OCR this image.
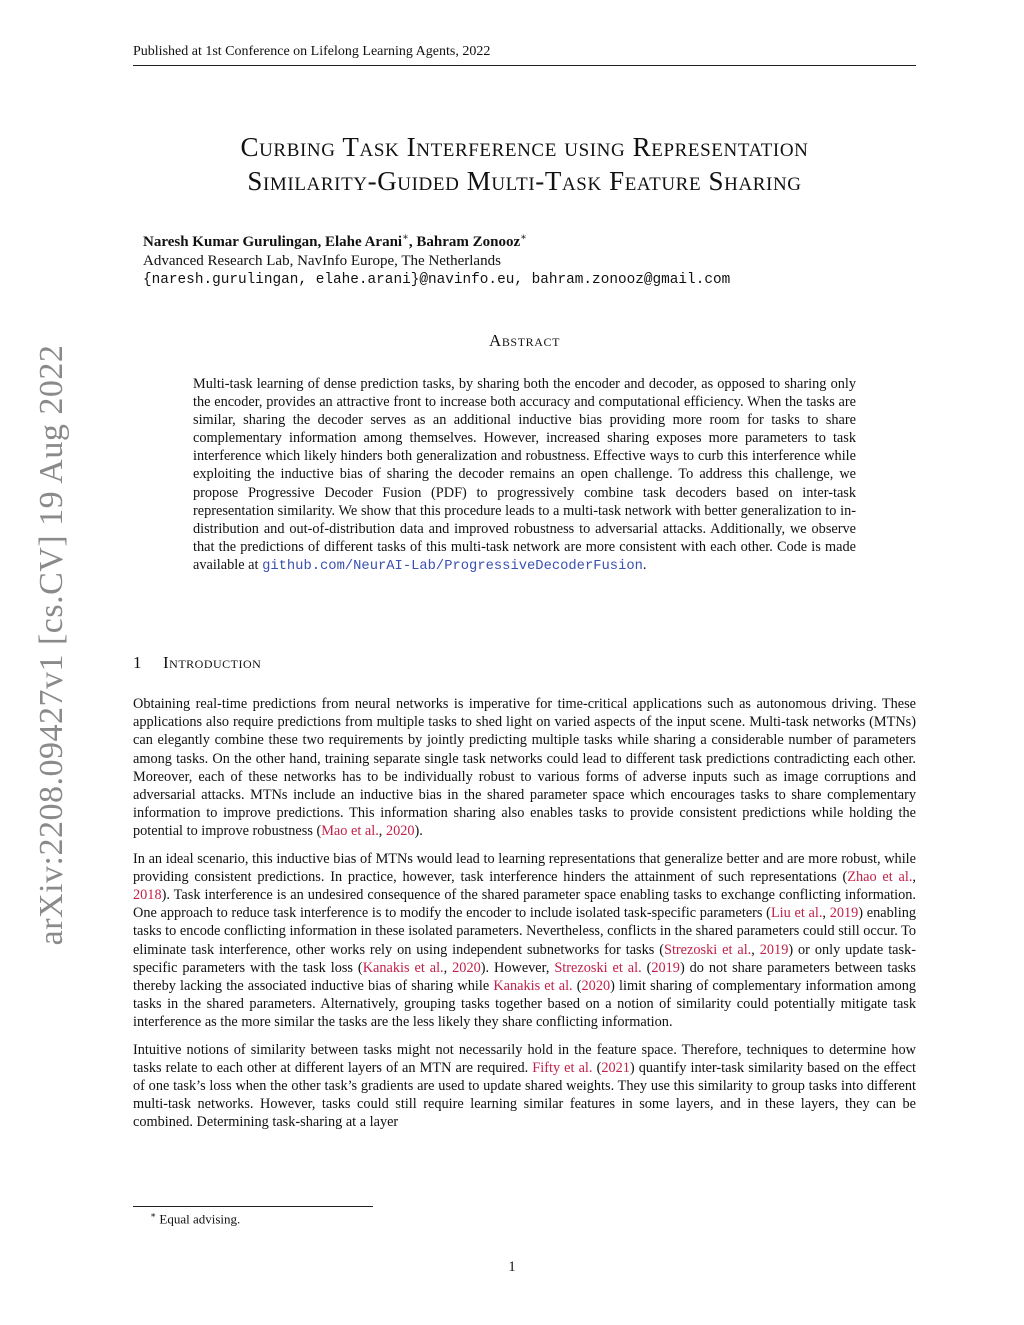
Published at 1st Conference on Lifelong Learning Agents, 2022
arXiv:2208.09427v1 [cs.CV] 19 Aug 2022
Curbing Task Interference using Representation
Similarity-Guided Multi-Task Feature Sharing
Naresh Kumar Gurulingan, Elahe Arani∗, Bahram Zonooz∗
Advanced Research Lab, NavInfo Europe, The Netherlands
{naresh.gurulingan, elahe.arani}@navinfo.eu, bahram.zonooz@gmail.com
Abstract
Multi-task learning of dense prediction tasks, by sharing both the encoder and decoder, as opposed to sharing only the encoder, provides an attractive front to increase both accuracy and computational efficiency. When the tasks are similar, sharing the decoder serves as an additional inductive bias providing more room for tasks to share complementary information among themselves. However, increased sharing exposes more parameters to task interference which likely hinders both generalization and robustness. Effective ways to curb this interference while exploiting the inductive bias of sharing the decoder remains an open challenge. To address this challenge, we propose Progressive Decoder Fusion (PDF) to progressively combine task decoders based on inter-task representation similarity. We show that this procedure leads to a multi-task network with better generalization to in-distribution and out-of-distribution data and improved robustness to adversarial attacks. Additionally, we observe that the predictions of different tasks of this multi-task network are more consistent with each other. Code is made available at github.com/NeurAI-Lab/ProgressiveDecoderFusion.
1 Introduction

Obtaining real-time predictions from neural networks is imperative for time-critical applications such as autonomous driving. These applications also require predictions from multiple tasks to shed light on varied aspects of the input scene. Multi-task networks (MTNs) can elegantly combine these two requirements by jointly predicting multiple tasks while sharing a considerable number of parameters among tasks. On the other hand, training separate single task networks could lead to different task predictions contradicting each other. Moreover, each of these networks has to be individually robust to various forms of adverse inputs such as image corruptions and adversarial attacks. MTNs include an inductive bias in the shared parameter space which encourages tasks to share complementary information to improve predictions. This information sharing also enables tasks to provide consistent predictions while holding the potential to improve robustness (Mao et al., 2020).

In an ideal scenario, this inductive bias of MTNs would lead to learning representations that generalize better and are more robust, while providing consistent predictions. In practice, however, task interference hinders the attainment of such representations (Zhao et al., 2018). Task interference is an undesired consequence of the shared parameter space enabling tasks to exchange conflicting information. One approach to reduce task interference is to modify the encoder to include isolated task-specific parameters (Liu et al., 2019) enabling tasks to encode conflicting information in these isolated parameters. Nevertheless, conflicts in the shared parameters could still occur. To eliminate task interference, other works rely on using independent subnetworks for tasks (Strezoski et al., 2019) or only update task-specific parameters with the task loss (Kanakis et al., 2020). However, Strezoski et al. (2019) do not share parameters between tasks thereby lacking the associated inductive bias of sharing while Kanakis et al. (2020) limit sharing of complementary information among tasks in the shared parameters. Alternatively, grouping tasks together based on a notion of similarity could potentially mitigate task interference as the more similar the tasks are the less likely they share conflicting information.

Intuitive notions of similarity between tasks might not necessarily hold in the feature space. Therefore, techniques to determine how tasks relate to each other at different layers of an MTN are required. Fifty et al. (2021) quantify inter-task similarity based on the effect of one task’s loss when the other task’s gradients are used to update shared weights. They use this similarity to group tasks into different multi-task networks. However, tasks could still require learning similar features in some layers, and in these layers, they can be combined. Determining task-sharing at a layer

∗ Equal advising.
1
